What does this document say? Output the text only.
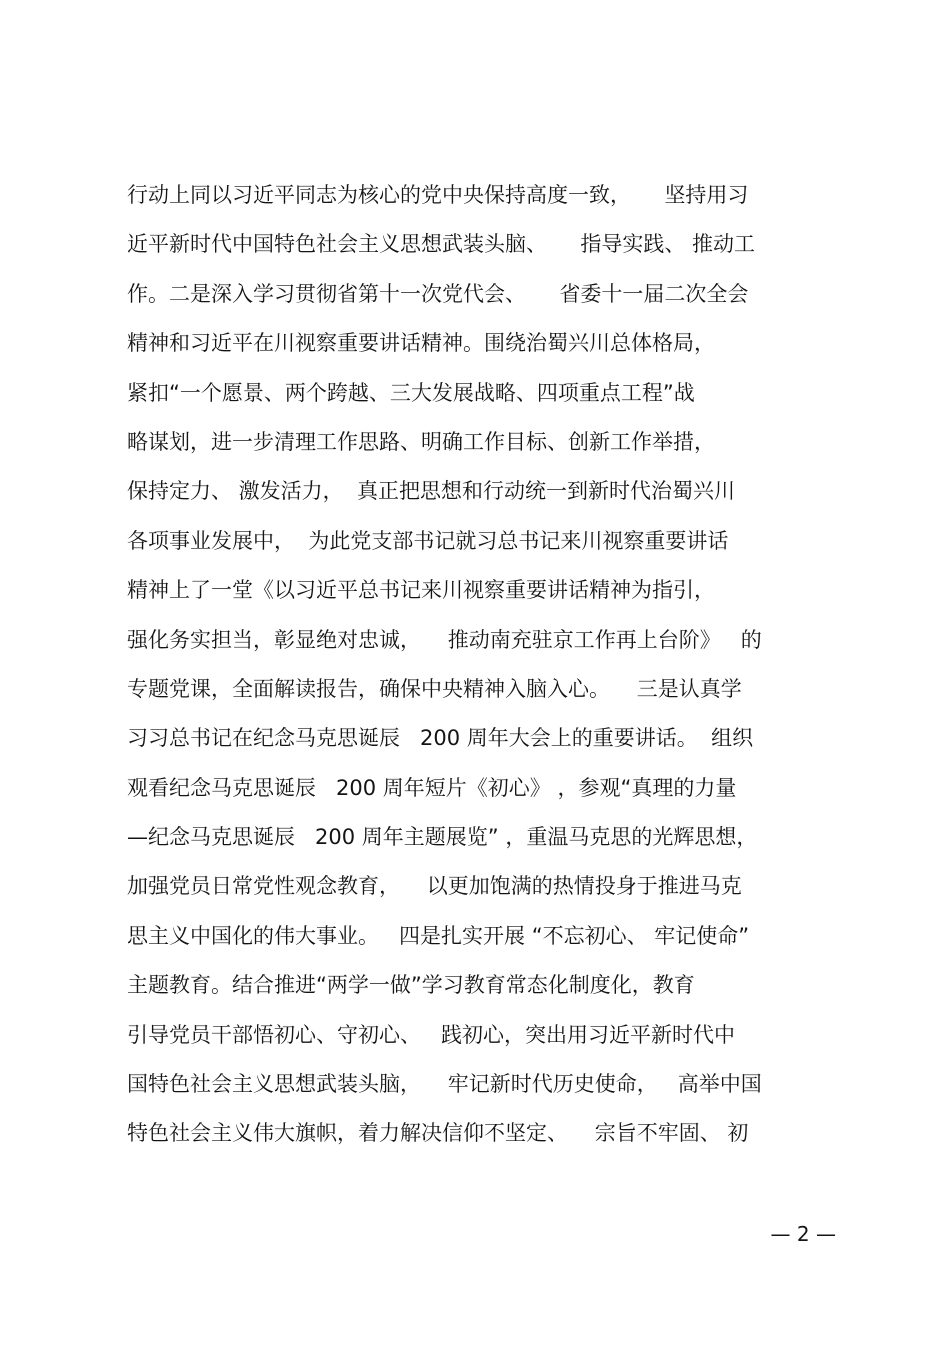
行动上同以习近平同志为核心的党中央保持高度一致，     坚持用习
近平新时代中国特色社会主义思想武装头脑、     指导实践、 推动工
作。二是深入学习贯彻省第十一次党代会、     省委十一届二次全会
精神和习近平在川视察重要讲话精神。围绕治蜀兴川总体格局，
紧扣“一个愿景、两个跨越、三大发展战略、四项重点工程”战
略谋划，进一步清理工作思路、明确工作目标、创新工作举措，
保持定力、 激发活力，  真正把思想和行动统一到新时代治蜀兴川
各项事业发展中，  为此党支部书记就习总书记来川视察重要讲话
精神上了一堂《以习近平总书记来川视察重要讲话精神为指引，
强化务实担当，彰显绝对忠诚，    推动南充驻京工作再上台阶》   的
专题党课，全面解读报告，确保中央精神入脑入心。    三是认真学
习习总书记在纪念马克思诞辰   200 周年大会上的重要讲话。  组织
观看纪念马克思诞辰   200 周年短片《初心》 ，参观“真理的力量
—纪念马克思诞辰   200 周年主题展览” ，重温马克思的光辉思想，
加强党员日常党性观念教育，    以更加饱满的热情投身于推进马克
思主义中国化的伟大事业。   四是扎实开展 “不忘初心、 牢记使命”
主题教育。结合推进“两学一做”学习教育常态化制度化，教育
引导党员干部悟初心、守初心、   践初心，突出用习近平新时代中
国特色社会主义思想武装头脑，    牢记新时代历史使命，   高举中国
特色社会主义伟大旗帜，着力解决信仰不坚定、    宗旨不牢固、 初
— 2 —
